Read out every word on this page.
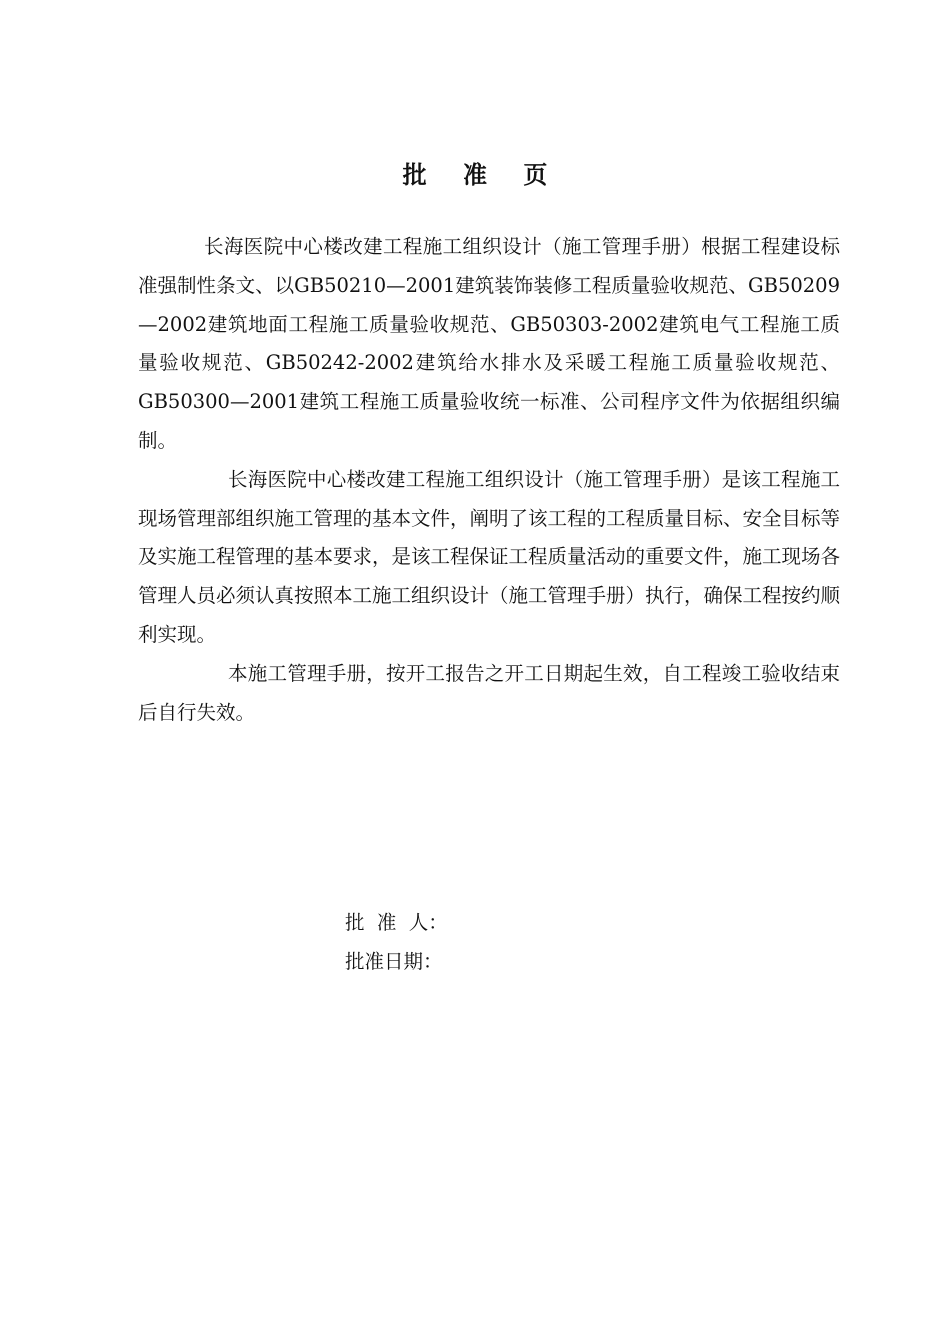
批 准 页

长海医院中心楼改建工程施工组织设计（施工管理手册）根据工程建设标准强制性条文、以GB50210—2001建筑装饰装修工程质量验收规范、GB50209—2002建筑地面工程施工质量验收规范、GB50303-2002建筑电气工程施工质量验收规范、GB50242-2002建筑给水排水及采暖工程施工质量验收规范、GB50300—2001建筑工程施工质量验收统一标准、公司程序文件为依据组织编制。

长海医院中心楼改建工程施工组织设计（施工管理手册）是该工程施工现场管理部组织施工管理的基本文件，阐明了该工程的工程质量目标、安全目标等及实施工程管理的基本要求，是该工程保证工程质量活动的重要文件，施工现场各管理人员必须认真按照本工施工组织设计（施工管理手册）执行，确保工程按约顺利实现。

本施工管理手册，按开工报告之开工日期起生效，自工程竣工验收结束后自行失效。

批  准  人：
批准日期：
